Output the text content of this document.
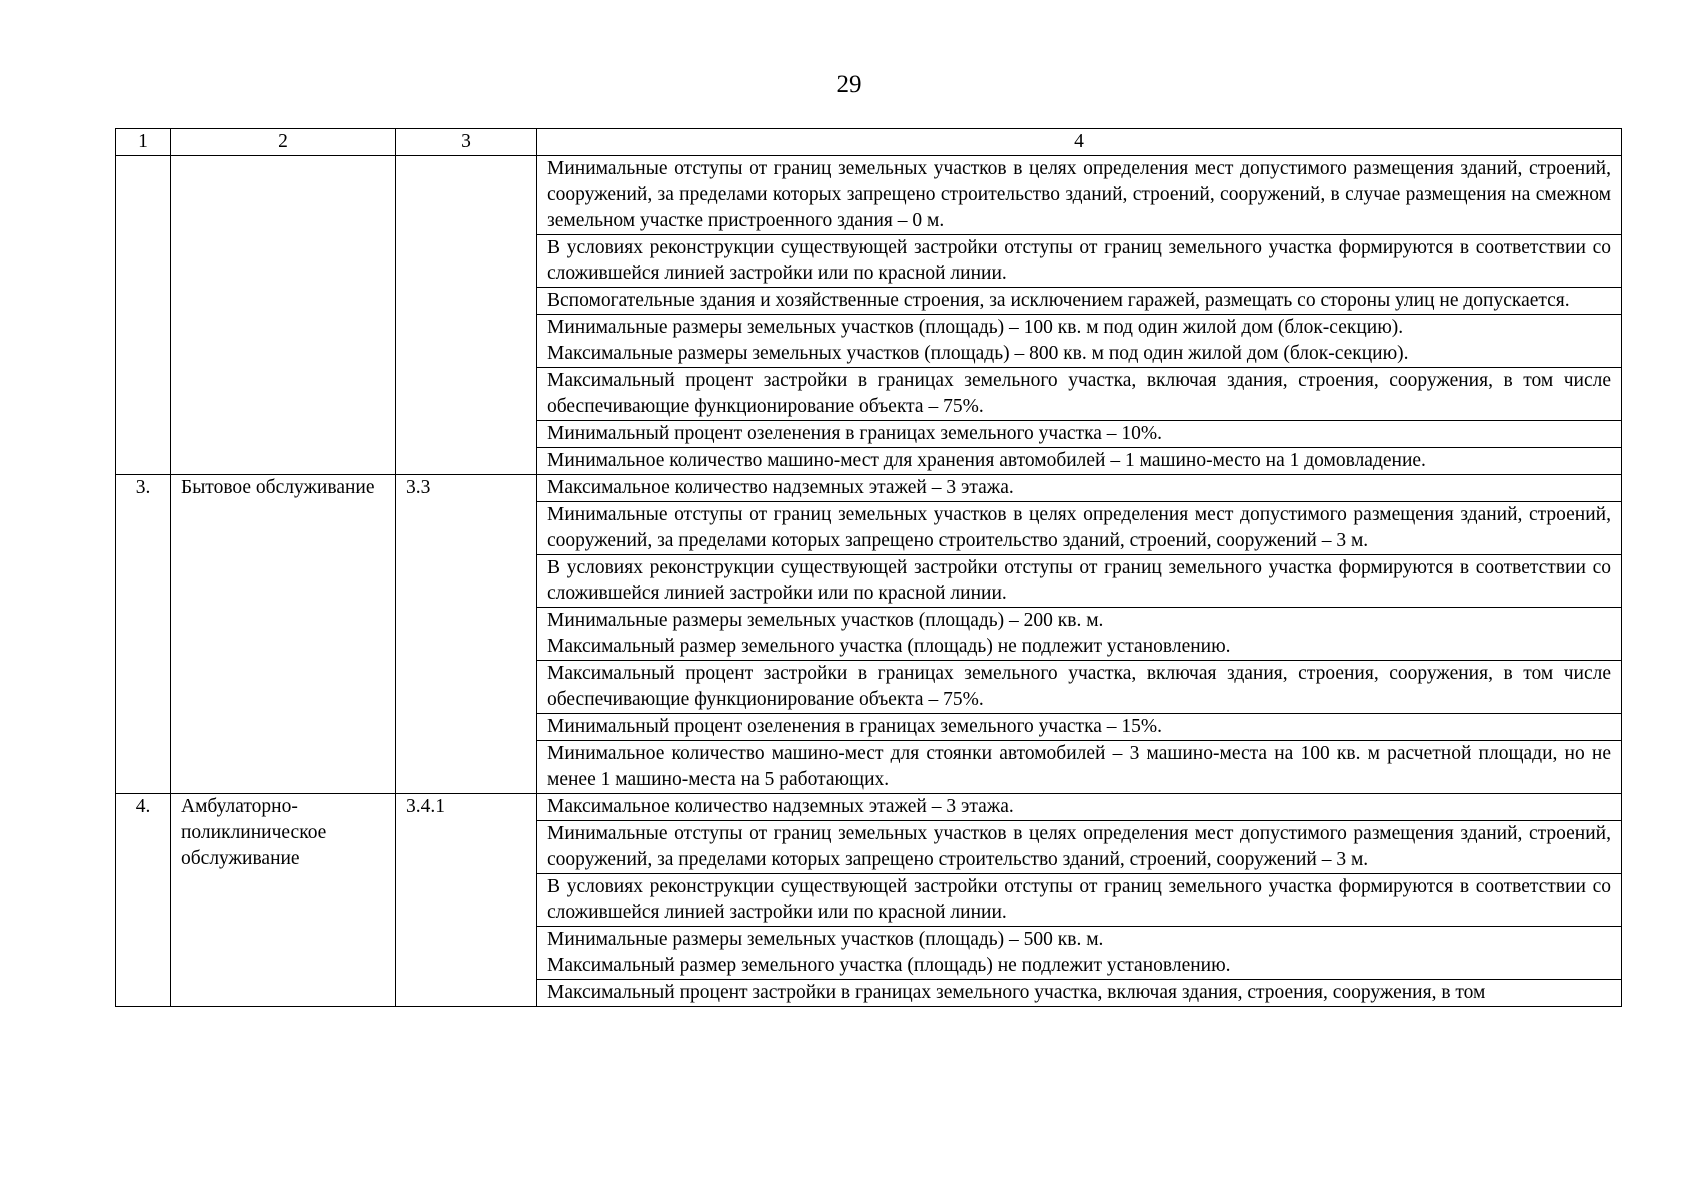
29
1	2	3	4
			Минимальные отступы от границ земельных участков в целях определения мест допустимого размещения зданий, строений, сооружений, за пределами которых запрещено строительство зданий, строений, сооружений, в случае размещения на смежном земельном участке пристроенного здания – 0 м.
			В условиях реконструкции существующей застройки отступы от границ земельного участка формируются в соответствии со сложившейся линией застройки или по красной линии.
			Вспомогательные здания и хозяйственные строения, за исключением гаражей, размещать со стороны улиц не допускается.

			Минимальные размеры земельных участков (площадь) – 100 кв. м под один жилой дом (блок-секцию).
Максимальные размеры земельных участков (площадь) – 800 кв. м под один жилой дом (блок-секцию).

			Максимальный процент застройки в границах земельного участка, включая здания, строения, сооружения, в том числе обеспечивающие функционирование объекта – 75%.
			Минимальный процент озеленения в границах земельного участка – 10%.
			Минимальное количество машино-мест для хранения автомобилей – 1 машино-место на 1 домовладение.
3.	Бытовое обслуживание	3.3	Максимальное количество надземных этажей – 3 этажа.
			Минимальные отступы от границ земельных участков в целях определения мест допустимого размещения зданий, строений, сооружений, за пределами которых запрещено строительство зданий, строений, сооружений – 3 м.
			В условиях реконструкции существующей застройки отступы от границ земельного участка формируются в соответствии со сложившейся линией застройки или по красной линии.

			Минимальные размеры земельных участков (площадь) – 200 кв. м.
Максимальный размер земельного участка (площадь) не подлежит установлению.

			Максимальный процент застройки в границах земельного участка, включая здания, строения, сооружения, в том числе обеспечивающие функционирование объекта – 75%.
			Минимальный процент озеленения в границах земельного участка – 15%.
			Минимальное количество машино-мест для стоянки автомобилей – 3 машино-места на 100 кв. м расчетной площади, но не менее 1 машино-места на 5 работающих.
4.	Амбулаторно-поликлиническое обслуживание	3.4.1	Максимальное количество надземных этажей – 3 этажа.
			Минимальные отступы от границ земельных участков в целях определения мест допустимого размещения зданий, строений, сооружений, за пределами которых запрещено строительство зданий, строений, сооружений – 3 м.
			В условиях реконструкции существующей застройки отступы от границ земельного участка формируются в соответствии со сложившейся линией застройки или по красной линии.

			Минимальные размеры земельных участков (площадь) – 500 кв. м.
Максимальный размер земельного участка (площадь) не подлежит установлению.

			Максимальный процент застройки в границах земельного участка, включая здания, строения, сооружения, в том
